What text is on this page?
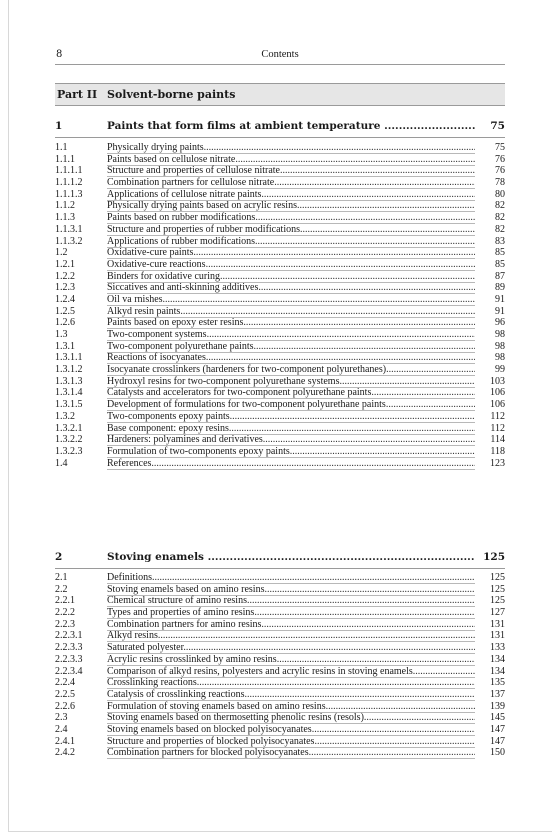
8	Contents
Part II Solvent-borne paints
1	Paints that form films at ambient temperature .....	75
1.1	Physically drying paints .....	75
1.1.1	Paints based on cellulose nitrate .....	76
1.1.1.1 Structure and properties of cellulose nitrate .....	76
1.1.1.2 Combination partners for cellulose nitrate .....	78
1.1.1.3 Applications of cellulose nitrate paints .....	80
1.1.2	Physically drying paints based on acrylic resins .....	82
1.1.3	Paints based on rubber modifications .....	82
1.1.3.1 Structure and properties of rubber modifications .....	82
1.1.3.2 Applications of rubber modifications .....	83
1.2	Oxidative-cure paints .....	85
1.2.1	Oxidative-cure reactions .....	85
1.2.2	Binders for oxidative curing .....	87
1.2.3	Siccatives and anti-skinning additives .....	89
1.2.4	Oil va rnishes .....	91
1.2.5	Alkyd resin paints .....	91
1.2.6	Paints based on epoxy ester resins .....	96
1.3	Two-component systems .....	98
1.3.1	Two-component polyurethane paints .....	98
1.3.1.1 Reactions of isocyanates .....	98
1.3.1.2 Isocyanate crosslinkers (hardeners for two-component polyurethanes) .....	99
1.3.1.3 Hydroxyl resins for two-component polyurethane systems .....	103
1.3.1.4 Catalysts and accelerators for two-component polyurethane paints .....	106
1.3.1.5 Development of formulations for two-component polyurethane paints .....	106
1.3.2	Two-components epoxy paints .....	112
1.3.2.1 Base component: epoxy resins .....	112
1.3.2.2 Hardeners: polyamines and derivatives .....	114
1.3.2.3 Formulation of two-components epoxy paints .....	118
1.4	References .....	123
2	Stoving enamels .....	125
2.1	Definitions .....	125
2.2	Stoving enamels based on amino resins .....	125
2.2.1	Chemical structure of amino resins .....	125
2.2.2	Types and properties of amino resins .....	127
2.2.3	Combination partners for amino resins .....	131
2.2.3.1 Alkyd resins .....	131
2.2.3.3 Saturated polyester .....	133
2.2.3.3 Acrylic resins crosslinked by amino resins .....	134
2.2.3.4 Comparison of alkyd resins, polyesters and acrylic resins in stoving enamels .....	134
2.2.4	Crosslinking reactions .....	135
2.2.5	Catalysis of crosslinking reactions .....	137
2.2.6	Formulation of stoving enamels based on amino resins .....	139
2.3	Stoving enamels based on thermosetting phenolic resins (resols) .....	145
2.4	Stoving enamels based on blocked polyisocyanates .....	147
2.4.1	Structure and properties of blocked polyisocyanates .....	147
2.4.2	Combination partners for blocked polyisocyanates .....	150
